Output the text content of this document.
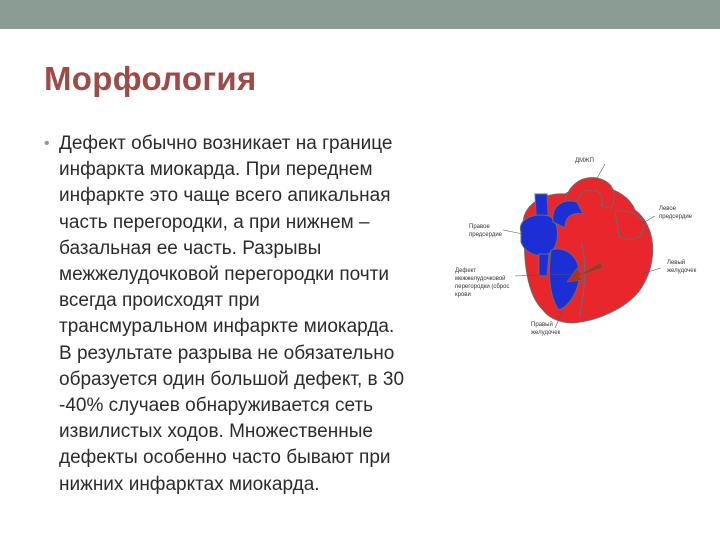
Морфология
• Дефект обычно возникает на границе
инфаркта миокарда. При переднем
инфаркте это чаще всего апикальная
часть перегородки, а при нижнем –
базальная ее часть. Разрывы
межжелудочковой перегородки почти
всегда происходят при
трансмуральном инфаркте миокарда.
В результате разрыва не обязательно
образуется один большой дефект, в 30
-40% случаев обнаруживается сеть
извилистых ходов. Множественные
дефекты особенно часто бывают при
нижних инфарктах миокарда.
ДМЖП
Правое
предсердие
Левое
предсердие
Дефект
межжелудочковой
перегородки (сброс
крови
Левый
желудочек
Правый
желудочек
